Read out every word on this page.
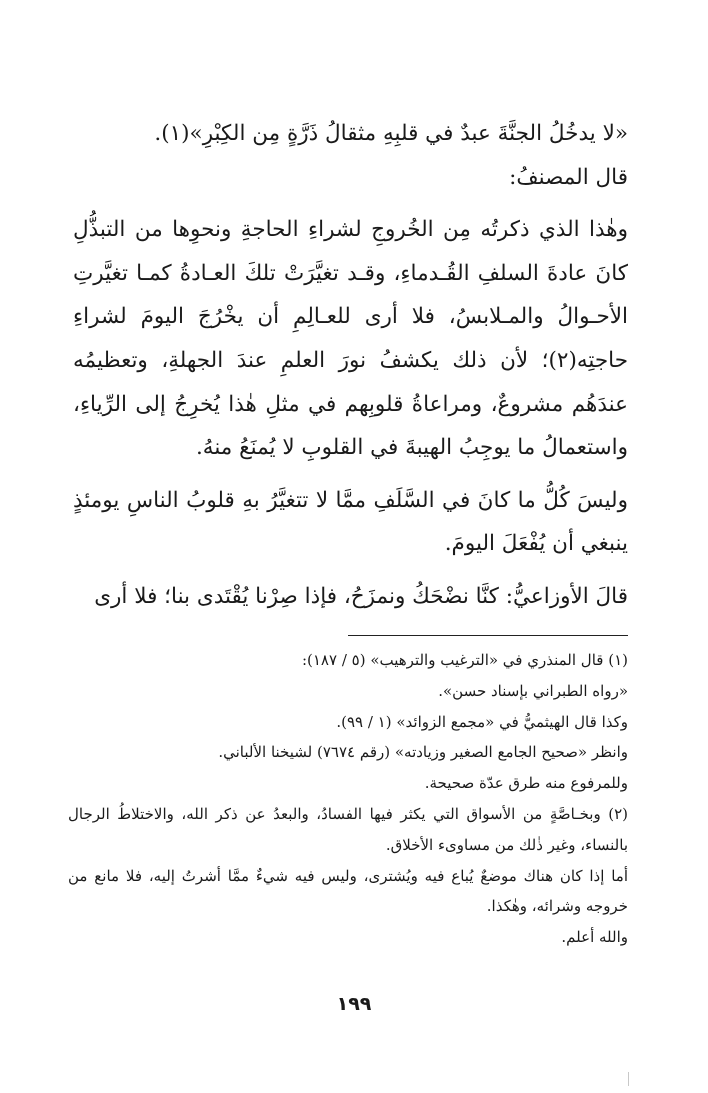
«لا يدخُلُ الجنَّةَ عبدٌ في قلبِهِ مثقالُ ذَرَّةٍ مِن الكِبْرِ»(١).

قال المصنفُ:

وهٰذا الذي ذكرتُه مِن الخُروجِ لشراءِ الحاجةِ ونحوِها من التبذُّلِ كانَ عادةَ السلفِ القُـدماءِ، وقـد تغيَّرَتْ تلكَ العـادةُ كمـا تغيَّرتِ الأحـوالُ والمـلابسُ، فلا أرى للعـالِمِ أن يخْرُجَ اليومَ لشراءِ حاجتِه(٢)؛ لأن ذلك يكشفُ نورَ العلمِ عندَ الجهلةِ، وتعظيمُه عندَهُم مشروعٌ، ومراعاةُ قلوبِهم في مثلِ هٰذا يُخرِجُ إلى الرِّياءِ، واستعمالُ ما يوجِبُ الهيبةَ في القلوبِ لا يُمنَعُ منهُ.

وليسَ كُلُّ ما كانَ في السَّلَفِ ممَّا لا تتغيَّرُ بهِ قلوبُ الناسِ يومئذٍ ينبغي أن يُفْعَلَ اليومَ.

قالَ الأوزاعيُّ: كنَّا نضْحَكُ ونمزَحُ، فإذا صِرْنا يُقْتَدى بنا؛ فلا أرى

(١) قال المنذري في «الترغيب والترهيب» (٥ / ١٨٧):

«رواه الطبراني بإسناد حسن».

وكذا قال الهيثميُّ في «مجمع الزوائد» (١ / ٩٩).

وانظر «صحيح الجامع الصغير وزيادته» (رقم ٧٦٧٤) لشيخنا الألباني.

وللمرفوع منه طرق عدّة صحيحة.

(٢) وبخـاصَّةٍ من الأسواق التي يكثر فيها الفسادُ، والبعدُ عن ذكر الله، والاختلاطُ الرجال بالنساء، وغير ذٰلك من مساوىء الأخلاق.

أما إذا كان هناك موضعٌ يُباع فيه ويُشترى، وليس فيه شيءٌ ممَّا أشرتُ إليه، فلا مانع من خروجه وشرائه، وهٰكذا.

والله أعلم.

١٩٩
